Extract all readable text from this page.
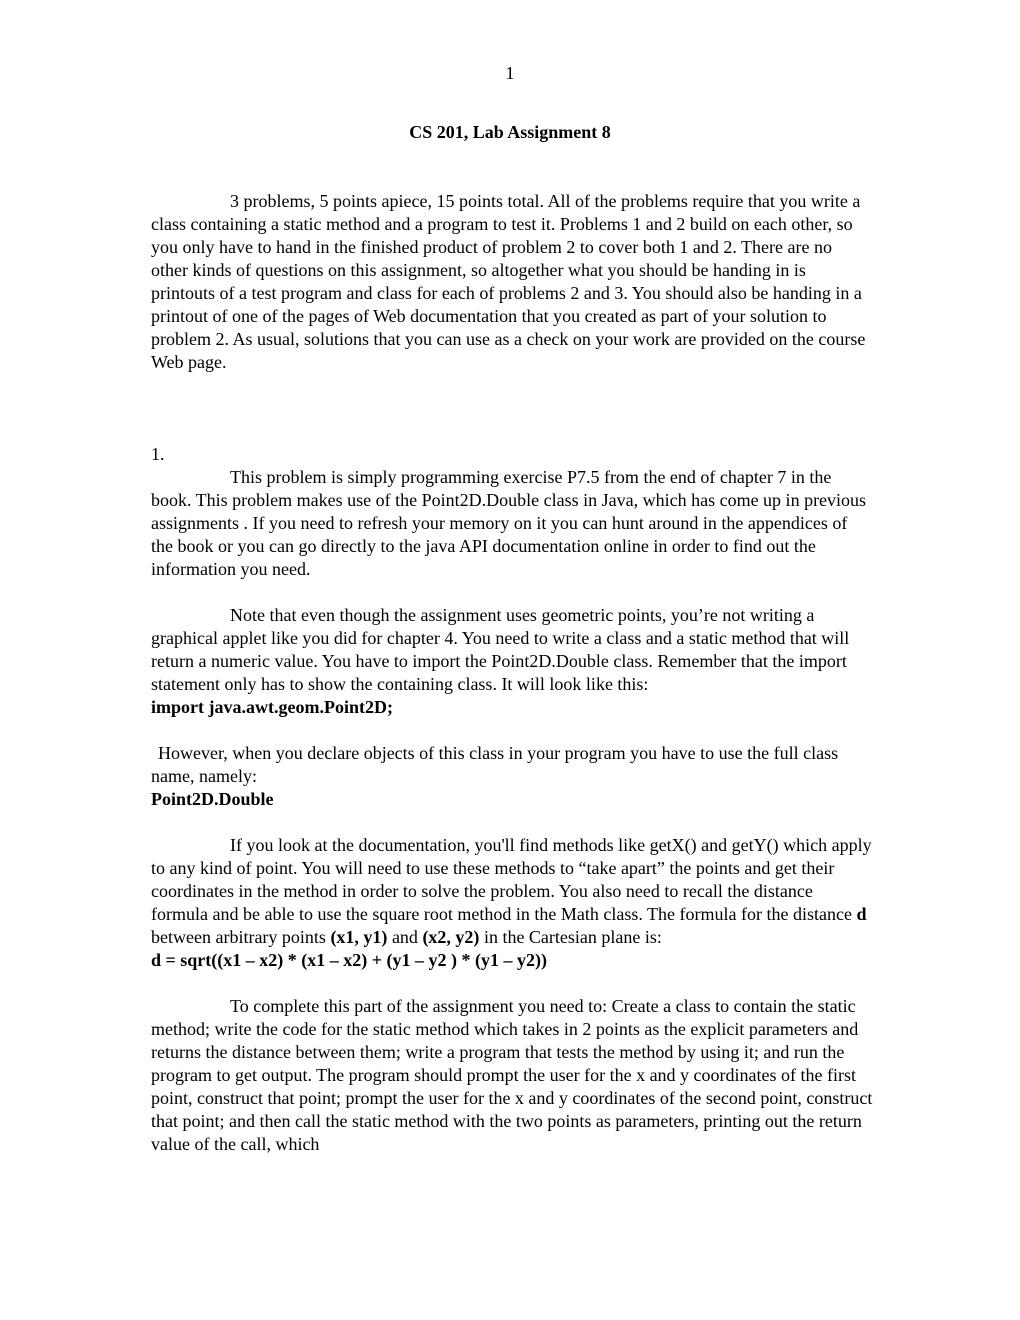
1
CS 201, Lab Assignment 8

3 problems, 5 points apiece, 15 points total. All of the problems require that you write a class containing a static method and a program to test it. Problems 1 and 2 build on each other, so you only have to hand in the finished product of problem 2 to cover both 1 and 2. There are no other kinds of questions on this assignment, so altogether what you should be handing in is printouts of a test program and class for each of problems 2 and 3. You should also be handing in a printout of one of the pages of Web documentation that you created as part of your solution to problem 2. As usual, solutions that you can use as a check on your work are provided on the course Web page.

1.

This problem is simply programming exercise P7.5 from the end of chapter 7 in the book. This problem makes use of the Point2D.Double class in Java, which has come up in previous assignments . If you need to refresh your memory on it you can hunt around in the appendices of the book or you can go directly to the java API documentation online in order to find out the information you need.

Note that even though the assignment uses geometric points, you’re not writing a graphical applet like you did for chapter 4. You need to write a class and a static method that will return a numeric value. You have to import the Point2D.Double class. Remember that the import statement only has to show the containing class. It will look like this:

import java.awt.geom.Point2D;

However, when you declare objects of this class in your program you have to use the full class name, namely:

Point2D.Double

If you look at the documentation, you'll find methods like getX() and getY() which apply to any kind of point. You will need to use these methods to “take apart” the points and get their coordinates in the method in order to solve the problem. You also need to recall the distance formula and be able to use the square root method in the Math class. The formula for the distance d between arbitrary points (x1, y1) and (x2, y2) in the Cartesian plane is:

d = sqrt((x1 – x2) * (x1 – x2) + (y1 – y2 ) * (y1 – y2))

To complete this part of the assignment you need to: Create a class to contain the static method; write the code for the static method which takes in 2 points as the explicit parameters and returns the distance between them; write a program that tests the method by using it; and run the program to get output. The program should prompt the user for the x and y coordinates of the first point, construct that point; prompt the user for the x and y coordinates of the second point, construct that point; and then call the static method with the two points as parameters, printing out the return value of the call, which
